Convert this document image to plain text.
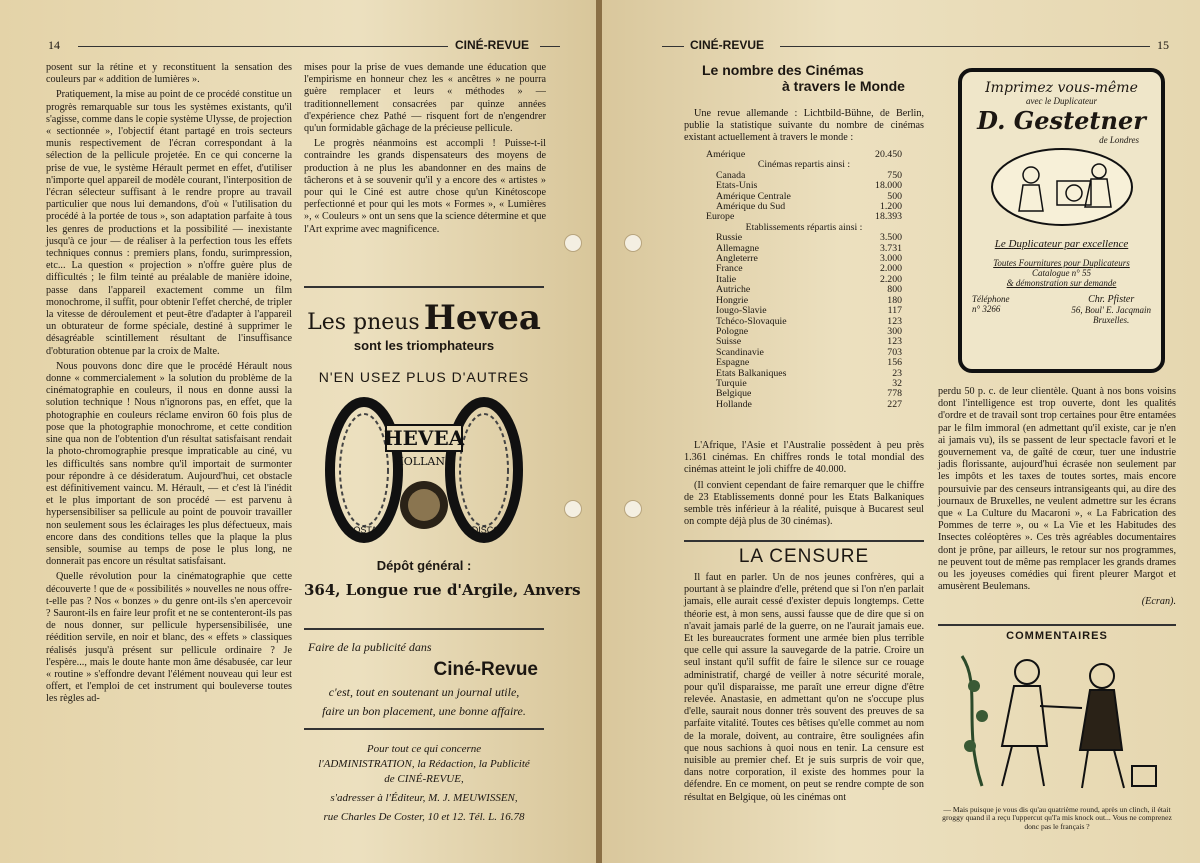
14	CINÉ-REVUE

posent sur la rétine et y reconstituent la sensation des couleurs par « addition de lumières ».

Pratiquement, la mise au point de ce procédé constitue un progrès remarquable sur tous les systèmes existants, qu'il s'agisse, comme dans le copie système Ulysse, de projection « sectionnée », l'objectif étant partagé en trois secteurs munis respectivement de l'écran correspondant à la sélection de la pellicule projetée. En ce qui concerne la prise de vue, le système Hérault permet en effet, d'utiliser n'importe quel appareil de modèle courant, l'interposition de l'écran sélecteur suffisant à le rendre propre au travail particulier que nous lui demandons, d'où « l'utilisation du procédé à la portée de tous », son adaptation parfaite à tous les genres de productions et la possibilité — inexistante jusqu'à ce jour — de réaliser à la perfection tous les effets techniques connus : premiers plans, fondu, surimpression, etc... La question « projection » n'offre guère plus de difficultés ; le film teinté au préalable de manière idoine, passe dans l'appareil exactement comme un film monochrome, il suffit, pour obtenir l'effet cherché, de tripler la vitesse de déroulement et peut-être d'adapter à l'appareil un obturateur de forme spéciale, destiné à supprimer le désagréable scintillement résultant de l'insuffisance d'obturation obtenue par la croix de Malte.

Nous pouvons donc dire que le procédé Hérault nous donne « commercialement » la solution du problème de la cinématographie en couleurs, il nous en donne aussi la solution technique ! Nous n'ignorons pas, en effet, que la photographie en couleurs réclame environ 60 fois plus de pose que la photographie monochrome, et cette condition sine qua non de l'obtention d'un résultat satisfaisant rendait la photo-chromographie presque impraticable au ciné, vu les difficultés sans nombre qu'il importait de surmonter pour répondre à ce désideratum. Aujourd'hui, cet obstacle est définitivement vaincu. M. Hérault, — et c'est là l'inédit et le plus important de son procédé — est parvenu à hypersensibiliser sa pellicule au point de pouvoir travailler non seulement sous les éclairages les plus défectueux, mais encore dans des conditions telles que la plaque la plus sensible, soumise au temps de pose le plus long, ne donnerait pas encore un résultat satisfaisant.

Quelle révolution pour la cinématographie que cette découverte ! que de « possibilités » nouvelles ne nous offre-t-elle pas ? Nos « bonzes » du genre ont-ils s'en apercevoir ? Sauront-ils en faire leur profit et ne se contenteront-ils pas de nous donner, sur pellicule hypersensibilisée, une réédition servile, en noir et blanc, des « effets » classiques réalisés jusqu'à présent sur pellicule ordinaire ? Je l'espère..., mais le doute hante mon âme désabusée, car leur « routine » s'effondre devant l'élément nouveau qui leur est offert, et l'emploi de cet instrument qui bouleverse toutes les règles ad-

mises pour la prise de vues demande une éducation que l'empirisme en honneur chez les « ancêtres » ne pourra guère remplacer et leurs « méthodes » — traditionnellement consacrées par quinze années d'expérience chez Pathé — risquent fort de n'engendrer qu'un formidable gâchage de la précieuse pellicule.

Le progrès néanmoins est accompli ! Puisse-t-il contraindre les grands dispensateurs des moyens de production à ne plus les abandonner en des mains de tâcherons et à se souvenir qu'il y a encore des « artistes » pour qui le Ciné est autre chose qu'un Kinétoscope perfectionné et pour qui les mots « Formes », « Lumières », « Couleurs » ont un sens que la science détermine et que l'Art exprime avec magnificence.

Les pneus Hevea
sont les triomphateurs
N'EN USEZ PLUS D'AUTRES
HEVEA
HOLLAND
COSTA	DISCO
Dépôt général :
364, Longue rue d'Argile, Anvers
Faire de la publicité dans
Ciné-Revue
c'est, tout en soutenant un journal utile,
faire un bon placement, une bonne affaire.
Pour tout ce qui concerne
l'ADMINISTRATION, la Rédaction, la Publicité
de CINÉ-REVUE,
s'adresser à l'Éditeur, M. J. MEUWISSEN,
rue Charles De Coster, 10 et 12. Tél. L. 16.78
CINÉ-REVUE	15
Le nombre des Cinémas
à travers le Monde

Une revue allemande : Lichtbild-Bühne, de Berlin, publie la statistique suivante du nombre de cinémas existant actuellement à travers le monde :

Amérique		20.450
Cinémas repartis ainsi :	
Canada		750
Etats-Unis		18.000
Amérique Centrale		500
Amérique du Sud		1.200
Europe		18.393
Etablissements répartis ainsi :	
Russie		3.500
Allemagne		3.731
Angleterre		3.000
France		2.000
Italie		2.200
Autriche		800
Hongrie		180
Iougo-Slavie		117
Tchéco-Slovaquie		123
Pologne		300
Suisse		123
Scandinavie		703
Espagne		156
Etats Balkaniques		23
Turquie		32
Belgique		778
Hollande		227

L'Afrique, l'Asie et l'Australie possèdent à peu près 1.361 cinémas. En chiffres ronds le total mondial des cinémas atteint le joli chiffre de 40.000.

(Il convient cependant de faire remarquer que le chiffre de 23 Etablissements donné pour les Etats Balkaniques semble très inférieur à la réalité, puisque à Bucarest seul on compte déjà plus de 30 cinémas).

LA CENSURE

Il faut en parler. Un de nos jeunes confrères, qui a pourtant à se plaindre d'elle, prétend que si l'on n'en parlait jamais, elle aurait cessé d'exister depuis longtemps. Cette théorie est, à mon sens, aussi fausse que de dire que si on n'avait jamais parlé de la guerre, on ne l'aurait jamais eue. Et les bureaucrates forment une armée bien plus terrible que celle qui assure la sauvegarde de la patrie. Croire un seul instant qu'il suffit de faire le silence sur ce rouage administratif, chargé de veiller à notre sécurité morale, pour qu'il disparaisse, me paraît une erreur digne d'être relevée. Anastasie, en admettant qu'on ne s'occupe plus d'elle, saurait nous donner très souvent des preuves de sa parfaite vitalité. Toutes ces bêtises qu'elle commet au nom de la morale, doivent, au contraire, être soulignées afin que nous sachions à quoi nous en tenir. La censure est nuisible au premier chef. Et je suis surpris de voir que, dans notre corporation, il existe des hommes pour la défendre. En ce moment, on peut se rendre compte de son résultat en Belgique, où les cinémas ont

Imprimez vous-même
avec le Duplicateur
D. Gestetner
de Londres
Le Duplicateur par excellence
Toutes Fournitures pour Duplicateurs
Catalogue n° 55
& démonstration sur demande
Téléphone
n° 3266
Chr. Pfister
56, Boul' E. Jacqmain
Bruxelles.

perdu 50 p. c. de leur clientèle. Quant à nos bons voisins dont l'intelligence est trop ouverte, dont les qualités d'ordre et de travail sont trop certaines pour être entamées par le film immoral (en admettant qu'il existe, car je n'en ai jamais vu), ils se passent de leur spectacle favori et le gouvernement va, de gaîté de cœur, tuer une industrie jadis florissante, aujourd'hui écrasée non seulement par les impôts et les taxes de toutes sortes, mais encore poursuivie par des censeurs intransigeants qui, au dire des journaux de Bruxelles, ne veulent admettre sur les écrans que « La Culture du Macaroni », « La Fabrication des Pommes de terre », ou « La Vie et les Habitudes des Insectes coléoptères ». Ces très agréables documentaires dont je prône, par ailleurs, le retour sur nos programmes, ne peuvent tout de même pas remplacer les grands drames ou les joyeuses comédies qui firent pleurer Margot et amusèrent Beulemans.

(Ecran).
COMMENTAIRES
— Mais puisque je vous dis qu'au quatrième round, après un clinch, il était groggy quand il a reçu l'uppercut qu'l'a mis knock out... Vous ne comprenez donc pas le français ?
